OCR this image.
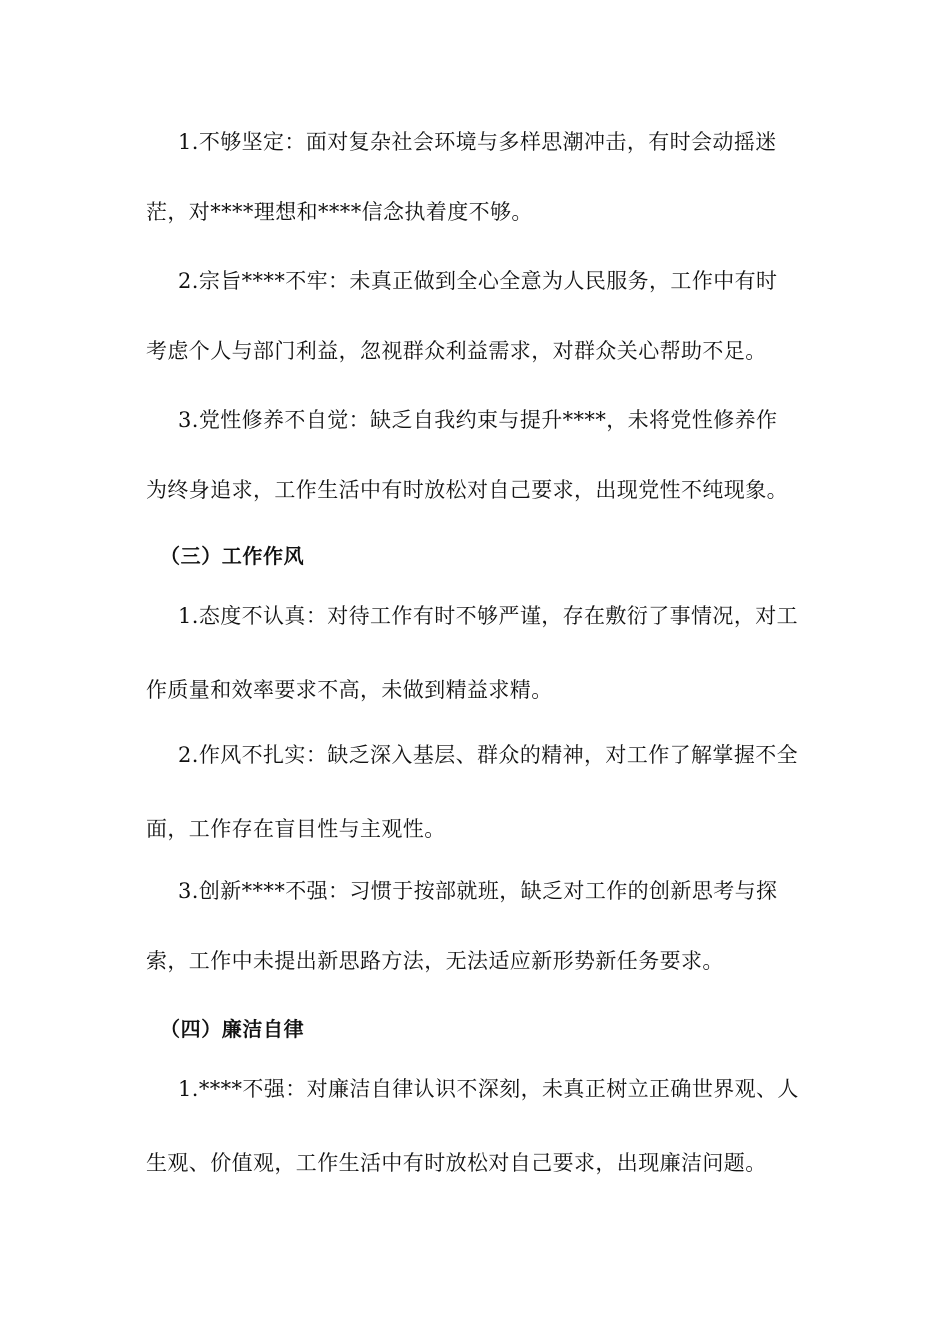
1.不够坚定：面对复杂社会环境与多样思潮冲击，有时会动摇迷
茫，对****理想和****信念执着度不够。
2.宗旨****不牢：未真正做到全心全意为人民服务，工作中有时
考虑个人与部门利益，忽视群众利益需求，对群众关心帮助不足。
3.党性修养不自觉：缺乏自我约束与提升****，未将党性修养作
为终身追求，工作生活中有时放松对自己要求，出现党性不纯现象。
（三）工作作风
1.态度不认真：对待工作有时不够严谨，存在敷衍了事情况，对工
作质量和效率要求不高，未做到精益求精。
2.作风不扎实：缺乏深入基层、群众的精神，对工作了解掌握不全
面，工作存在盲目性与主观性。
3.创新****不强：习惯于按部就班，缺乏对工作的创新思考与探
索，工作中未提出新思路方法，无法适应新形势新任务要求。
（四）廉洁自律
1.****不强：对廉洁自律认识不深刻，未真正树立正确世界观、人
生观、价值观，工作生活中有时放松对自己要求，出现廉洁问题。
